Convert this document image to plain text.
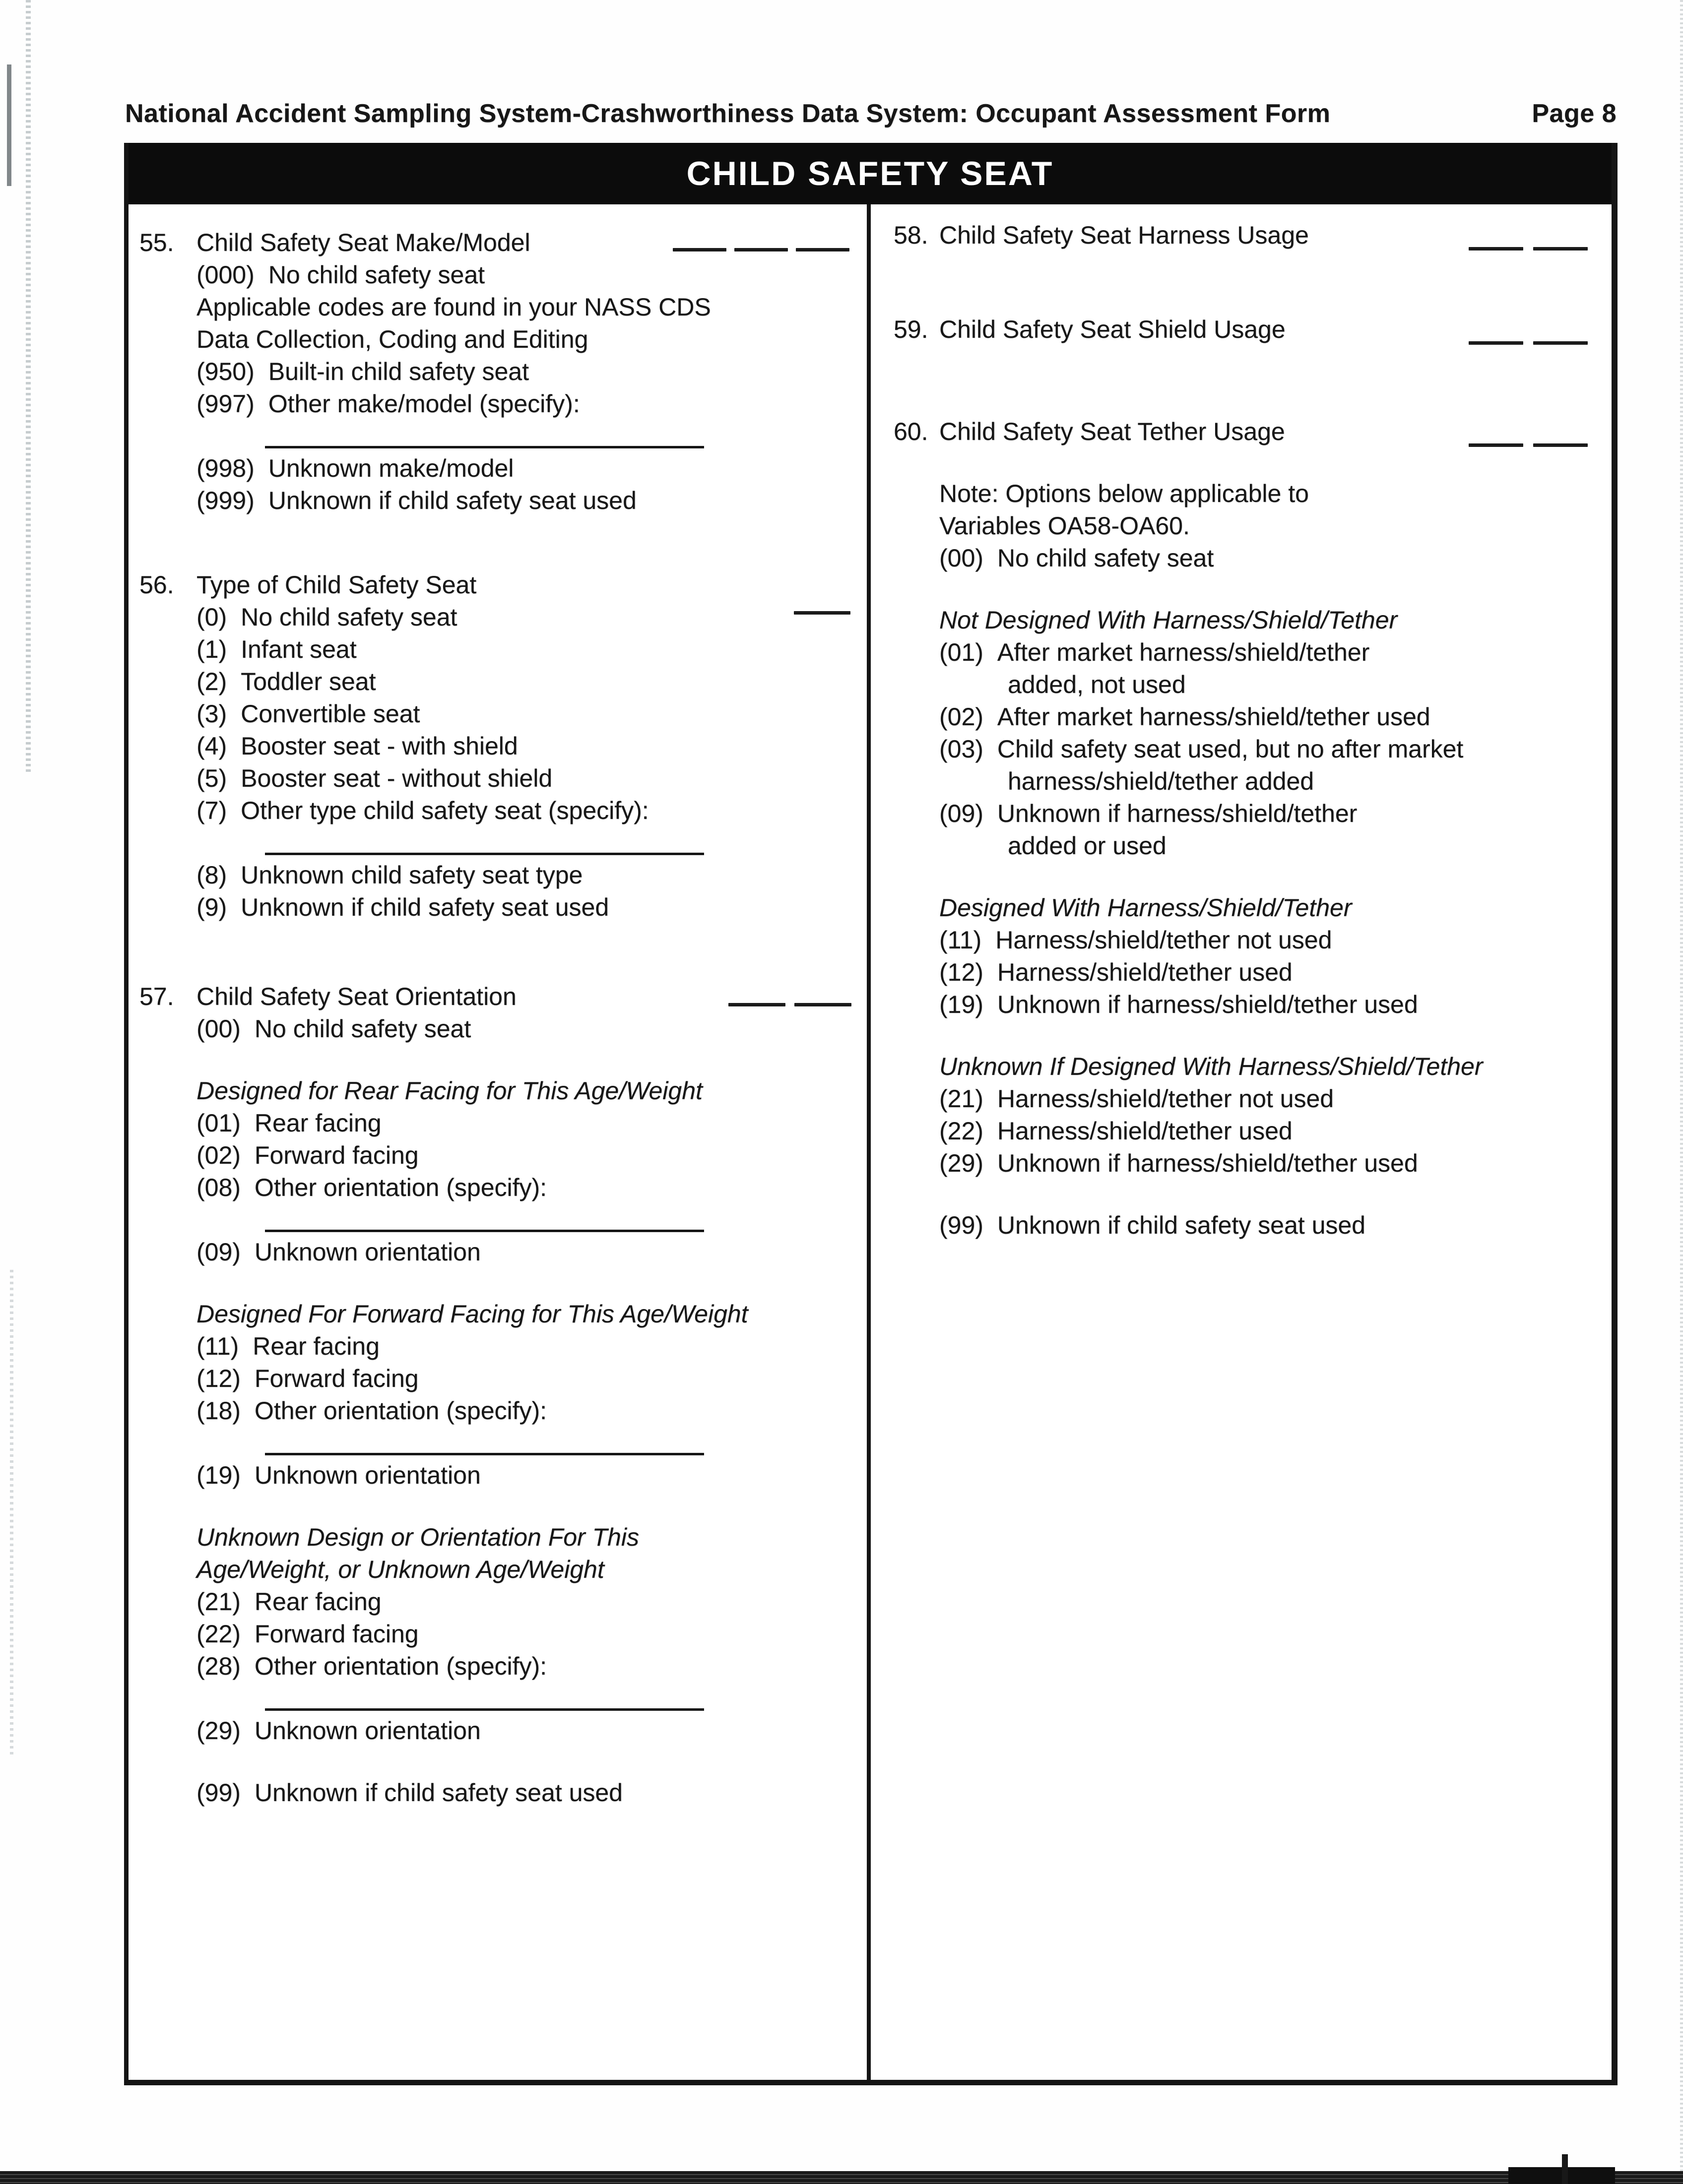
National Accident Sampling System-Crashworthiness Data System: Occupant Assessment Form	Page 8
CHILD SAFETY SEAT
55. Child Safety Seat Make/Model
(000) No child safety seat
Applicable codes are found in your NASS CDS
Data Collection, Coding and Editing
(950) Built-in child safety seat
(997) Other make/model (specify):
(998) Unknown make/model
(999) Unknown if child safety seat used
56. Type of Child Safety Seat
(0) No child safety seat
(1) Infant seat
(2) Toddler seat
(3) Convertible seat
(4) Booster seat - with shield
(5) Booster seat - without shield
(7) Other type child safety seat (specify):
(8) Unknown child safety seat type
(9) Unknown if child safety seat used
57. Child Safety Seat Orientation
(00) No child safety seat
Designed for Rear Facing for This Age/Weight
(01) Rear facing
(02) Forward facing
(08) Other orientation (specify):
(09) Unknown orientation
Designed For Forward Facing for This Age/Weight
(11) Rear facing
(12) Forward facing
(18) Other orientation (specify):
(19) Unknown orientation
Unknown Design or Orientation For This
Age/Weight, or Unknown Age/Weight
(21) Rear facing
(22) Forward facing
(28) Other orientation (specify):
(29) Unknown orientation
(99) Unknown if child safety seat used
58. Child Safety Seat Harness Usage
59. Child Safety Seat Shield Usage
60. Child Safety Seat Tether Usage
Note: Options below applicable to
Variables OA58-OA60.
(00) No child safety seat
Not Designed With Harness/Shield/Tether
(01) After market harness/shield/tether
added, not used
(02) After market harness/shield/tether used
(03) Child safety seat used, but no after market
harness/shield/tether added
(09) Unknown if harness/shield/tether
added or used
Designed With Harness/Shield/Tether
(11) Harness/shield/tether not used
(12) Harness/shield/tether used
(19) Unknown if harness/shield/tether used
Unknown If Designed With Harness/Shield/Tether
(21) Harness/shield/tether not used
(22) Harness/shield/tether used
(29) Unknown if harness/shield/tether used
(99) Unknown if child safety seat used
